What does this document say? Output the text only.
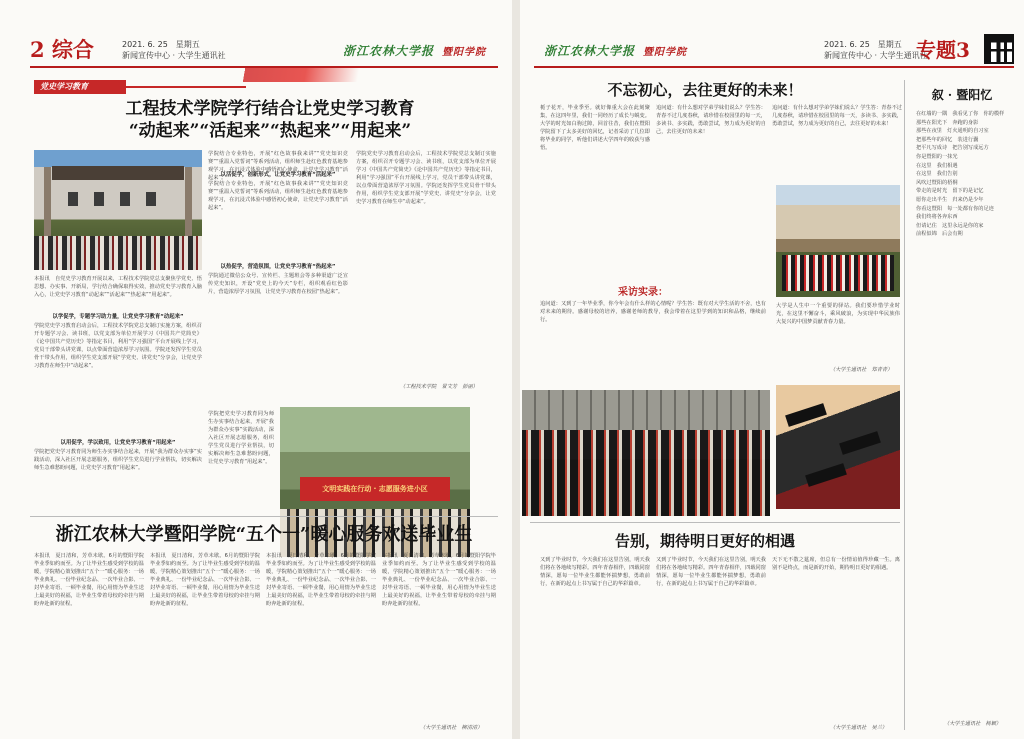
2 综合	2021. 6. 25　星期五
新闻宣传中心 · 大学生通讯社	浙江农林大学报 暨阳学院
党史学习教育
工程技术学院学行结合让党史学习教育
“动起来”“活起来”“热起来”“用起来”
本报讯　自党史学习教育开展以来，工程技术学院党总支聚焦学党史、悟思想、办实事、开新局，学行结合确保取得实效，推动党史学习教育入脑入心，让党史学习教育“动起来”“活起来”“热起来”“用起来”。
以学促学，专题学习助力量，让党史学习教育“动起来”
学院党史学习教育启动会后，工程技术学院党总支制订实施方案，组织召开专题学习会、读书班，以党支部为单位开展学习《中国共产党简史》《论中国共产党历史》等指定书目，利用“学习强国”平台开展线上学习，党员干部带头讲党课，以点带面营造浓厚学习氛围。学院还发挥学生党员骨干带头作用，组织学生党支部开展“学党史、讲党史”分享会，让党史学习教育在师生中“动起来”。
以用促学，学以致用，让党史学习教育“用起来”
学院把党史学习教育同为师生办实事结合起来，开展“我为群众办实事”实践活动，深入社区开展志愿服务，组织学生党员进行学业帮扶，切实解决师生急难愁盼问题，让党史学习教育“用起来”。
学院结合专业特色，开展“红色故事我来讲”“党史知识竞赛”“重温入党誓词”等系列活动，组织师生赴红色教育基地参观学习，在沉浸式体验中感悟初心使命，让党史学习教育“活起来”。
以活促学，创新形式，让党史学习教育“活起来”
学院结合专业特色，开展“红色故事我来讲”“党史知识竞赛”“重温入党誓词”等系列活动，组织师生赴红色教育基地参观学习，在沉浸式体验中感悟初心使命，让党史学习教育“活起来”。
以热促学，营造氛围，让党史学习教育“热起来”
学院通过微信公众号、宣传栏、主题班会等多种渠道广泛宣传党史知识，开设“党史上的今天”专栏，组织观看红色影片，营造浓厚学习氛围，让党史学习教育在校园“热起来”。
学院党史学习教育启动会后，工程技术学院党总支制订实施方案，组织召开专题学习会、读书班，以党支部为单位开展学习《中国共产党简史》《论中国共产党历史》等指定书目，利用“学习强国”平台开展线上学习，党员干部带头讲党课，以点带面营造浓厚学习氛围。学院还发挥学生党员骨干带头作用，组织学生党支部开展“学党史、讲党史”分享会，让党史学习教育在师生中“动起来”。
学院把党史学习教育同为师生办实事结合起来，开展“我为群众办实事”实践活动，深入社区开展志愿服务，组织学生党员进行学业帮扶，切实解决师生急难愁盼问题，让党史学习教育“用起来”。
文明实践在行动 · 志愿服务进小区
（工程技术学院　景文芳　彭丽）
浙江农林大学暨阳学院“五个一”暖心服务欢送毕业生
本报讯　夏日清和，芳草未歇。6月的暨阳学院毕业季如约而至。为了让毕业生感受到学校的温暖，学院精心策划推出“五个一”暖心服务：一场毕业典礼、一份毕业纪念品、一次毕业合影、一封毕业寄语、一顿毕业餐，用心用情为毕业生送上最美好的祝福，让毕业生带着母校的牵挂与期盼奔赴新的征程。
本报讯　夏日清和，芳草未歇。6月的暨阳学院毕业季如约而至。为了让毕业生感受到学校的温暖，学院精心策划推出“五个一”暖心服务：一场毕业典礼、一份毕业纪念品、一次毕业合影、一封毕业寄语、一顿毕业餐，用心用情为毕业生送上最美好的祝福，让毕业生带着母校的牵挂与期盼奔赴新的征程。
本报讯　夏日清和，芳草未歇。6月的暨阳学院毕业季如约而至。为了让毕业生感受到学校的温暖，学院精心策划推出“五个一”暖心服务：一场毕业典礼、一份毕业纪念品、一次毕业合影、一封毕业寄语、一顿毕业餐，用心用情为毕业生送上最美好的祝福，让毕业生带着母校的牵挂与期盼奔赴新的征程。
本报讯　夏日清和，芳草未歇。6月的暨阳学院毕业季如约而至。为了让毕业生感受到学校的温暖，学院精心策划推出“五个一”暖心服务：一场毕业典礼、一份毕业纪念品、一次毕业合影、一封毕业寄语、一顿毕业餐，用心用情为毕业生送上最美好的祝福，让毕业生带着母校的牵挂与期盼奔赴新的征程。
（大学生通讯社　柳清清）
浙江农林大学报 暨阳学院
2021. 6. 25　星期五
新闻宣传中心 · 大学生通讯社
专题3
不忘初心，去往更好的未来！
栀子花开，毕业季至。就好像重大会在此刻聚集，在这四年里，我们一同经历了成长与蜕变。大学的时光如白驹过隙，回首往昔，我们在暨阳学院留下了太多美好的回忆，记者采访了几位即将毕业的同学，听他们讲述大学四年的收获与感悟。
追问道：有什么想对学弟学妹们说么？学生答：青春不过几度春秋，请珍惜在校园里的每一天，多读书、多实践，勇敢尝试，努力成为更好的自己，去往更好的未来！
追问道：有什么想对学弟学妹们说么？学生答：青春不过几度春秋，请珍惜在校园里的每一天，多读书、多实践，勇敢尝试，努力成为更好的自己，去往更好的未来！
采访实录：
追问道：又到了一年毕业季，你今年会有什么样的心情呢？学生答：既有对大学生活的不舍，也有对未来的期待。感谢母校的培养，感谢老师的教导，我会带着在这里学到的知识和品格，继续前行。
大学是人生中一个重要的驿站。我们要珍惜学业时光，在这里不懈奋斗，乘风破浪，为实现中华民族伟大复兴的中国梦贡献青春力量。
（大学生通讯社　郑青青）
告别，期待明日更好的相遇
又到了毕业时节，今天我们在这里告别，明天我们将在各地续写精彩。四年青春相伴，四载同窗情深，愿每一位毕业生都能怀揣梦想，勇敢前行，在新的起点上书写属于自己的华彩篇章。
又到了毕业时节，今天我们在这里告别，明天我们将在各地续写精彩。四年青春相伴，四载同窗情深，愿每一位毕业生都能怀揣梦想，勇敢前行，在新的起点上书写属于自己的华彩篇章。
天下无不散之筵席，但总有一份情谊值得珍藏一生。离别不是终点，而是新的开始，期待明日更好的相遇。
（大学生通讯社　吴兰）
叙 · 暨阳忆
在红墙的一隅　我看见了你　你的模样
那些在阳光下　奔跑的身影
那些在夜里　灯火通明的自习室
把那些年的回忆　装进行囊
把平凡写成诗　把告别写成远方
你是暨阳的一抹光
在这里　我们相遇
在这里　我们告别
风吹过暨阳的梧桐
带走的是时光　留下的是记忆
愿你走出半生　归来仍是少年
你看这暨阳　每一处都有你的足迹
我们终将各奔东西
但请记住　这里永远是你的家
前程似锦　后会有期
（大学生通讯社　杨颖）
